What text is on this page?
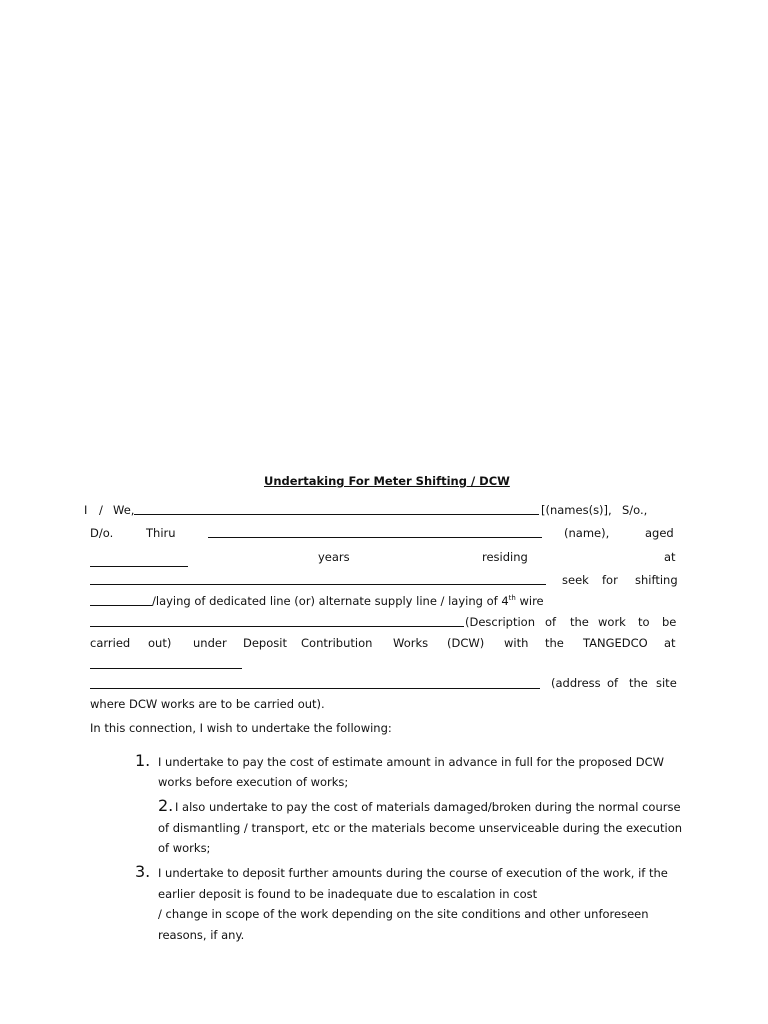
Undertaking For Meter Shifting / DCW
I / We,	[(names(s)], S/o.,
D/o.	Thiru	(name),	aged
years	residing	at
seek for shifting
/laying of dedicated line (or) alternate supply line / laying of 4th wire
(Description of the work to be
carried out) under Deposit Contribution Works (DCW) with the TANGEDCO at
(address of the site
where DCW works are to be carried out).
In this connection, I wish to undertake the following:
1. I undertake to pay the cost of estimate amount in advance in full for the proposed DCW
works before execution of works;
2. I also undertake to pay the cost of materials damaged/broken during the normal course
of dismantling / transport, etc or the materials become unserviceable during the execution
of works;
3. I undertake to deposit further amounts during the course of execution of the work, if the
earlier deposit is found to be inadequate due to escalation in cost
/ change in scope of the work depending on the site conditions and other unforeseen
reasons, if any.
